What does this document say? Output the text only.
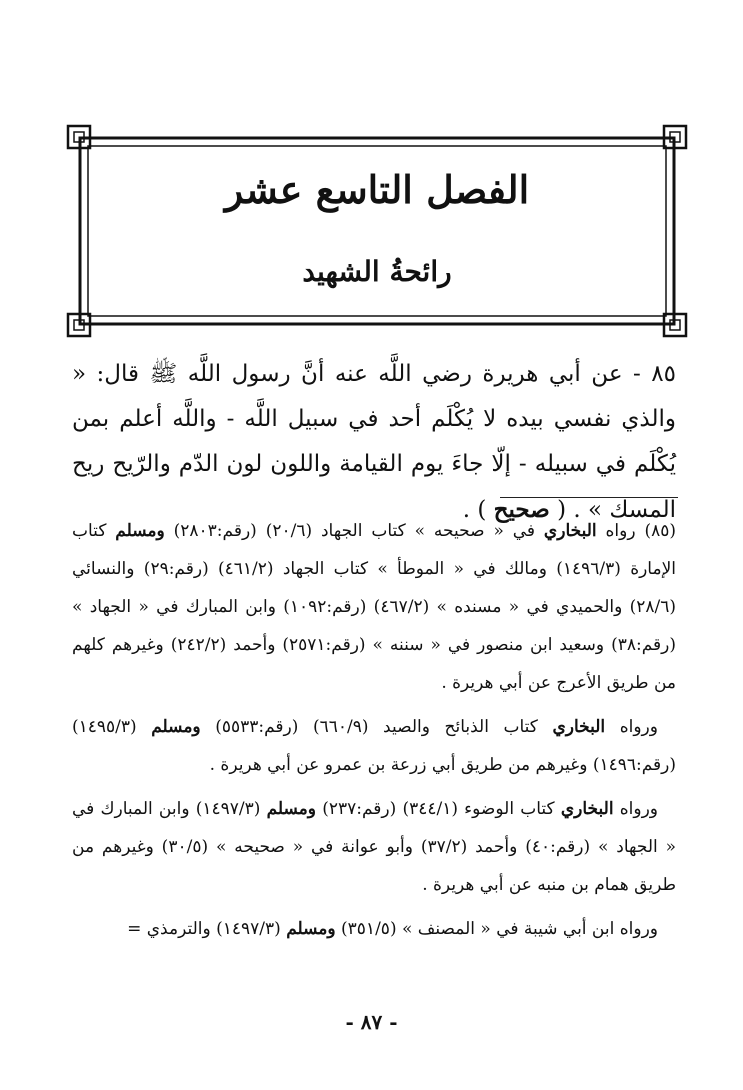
الفصل التاسع عشر
رائحةُ الشهيد

٨٥ - عن أبي هريرة رضي اللَّه عنه أنَّ رسول اللَّه ﷺ قال: « والذي نفسي بيده لا يُكْلَم أحد في سبيل اللَّه - واللَّه أعلم بمن يُكْلَم في سبيله - إلّا جاءَ يوم القيامة واللون لون الدّم والرّيح ريح المسك » . ( صحيح ) .

(٨٥) رواه البخاري في « صحيحه » كتاب الجهاد (٢٠/٦) (رقم:٢٨٠٣) ومسلم كتاب الإمارة (١٤٩٦/٣) ومالك في « الموطأ » كتاب الجهاد (٤٦١/٢) (رقم:٢٩) والنسائي (٢٨/٦) والحميدي في « مسنده » (٤٦٧/٢) (رقم:١٠٩٢) وابن المبارك في « الجهاد » (رقم:٣٨) وسعيد ابن منصور في « سننه » (رقم:٢٥٧١) وأحمد (٢٤٢/٢) وغيرهم كلهم من طريق الأعرج عن أبي هريرة .

ورواه البخاري كتاب الذبائح والصيد (٦٦٠/٩) (رقم:٥٥٣٣) ومسلم (١٤٩٥/٣) (رقم:١٤٩٦) وغيرهم من طريق أبي زرعة بن عمرو عن أبي هريرة .

ورواه البخاري كتاب الوضوء (٣٤٤/١) (رقم:٢٣٧) ومسلم (١٤٩٧/٣) وابن المبارك في « الجهاد » (رقم:٤٠) وأحمد (٣٧/٢) وأبو عوانة في « صحيحه » (٣٠/٥) وغيرهم من طريق همام بن منبه عن أبي هريرة .

ورواه ابن أبي شيبة في « المصنف » (٣٥١/٥) ومسلم (١٤٩٧/٣) والترمذي =

- ٨٧ -
